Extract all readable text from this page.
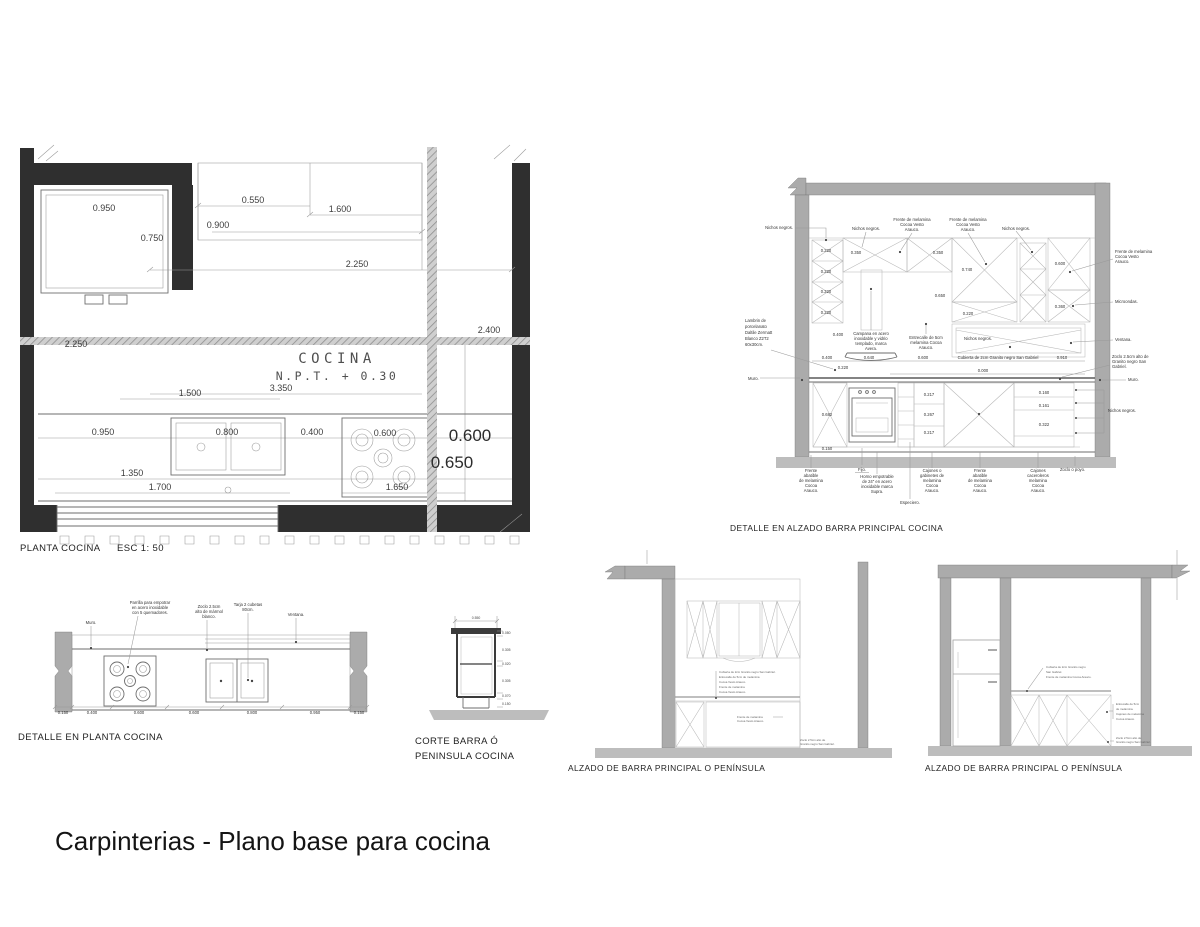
0.950
0.750
0.550
1.600
0.900
2.250
2.400
2.250
1.500	3.350
0.950	0.800	0.400	0.600
1.350
1.700	1.650
0.600
0.650
COCINA
N.P.T. + 0.30
PLANTA COCINA ESC 1: 50
0.220
0.220
0.220
0.220
0.350	0.350
0.740
0.650
0.220
0.600
0.360
0.400
0.400	0.640	0.600	Cubierta de 2cm Granito negro San Gabriel	0.910
0.220
0.000
0.682
0.150
0.217
0.267
0.217
0.160
0.161
0.322
Nichos negros.	Nichos negros.	Nichos negros.
Frente de melamina
Cocoa Vesto
Arauco.
Frente de melamina
Cocoa Vesto
Arauco.
Lambrin de
porcelanato
Daltile Zermatt
Blanco Z2T2
60x30cm.
Muro.
Campana en acero
inoxidable y vidrio
templado, marca
Avera.
Entrecalle de 5cm
melamina Cocoa
Arauco.
Nichos negros.
Frente de melamina
Cocoa Vesto
Arauco.
Microondas.
Ventana.
Zoclo 2.5cm alto de
Granito negro San
Gabriel.
Muro.
Nichos negros.
Frente
abatible
de melamina
Cocoa
Arauco.
Fijo.
Horno empotrable
de 24" en acero
inoxidable marca
Supra.
Cajones o
gabinetes de
melamina
Cocoa
Arauco.
Frente
abatible
de melamina
Cocoa
Arauco.
Cajones
caceroleros
melamina
Cocoa
Arauco.
Zoclo o poyo.
Especiero.
DETALLE EN ALZADO BARRA PRINCIPAL COCINA
0.150	0.400	0.600	0.600	0.800	0.950	0.150
Muro.
Parrilla para empotrar
en acero inoxidable
con 5 quemadores.
Zoclo 2.5cm
alto de mármol
blanco.
Tarja 2 cubetas
80cm.
Ventana.
DETALLE EN PLANTA COCINA
0.550
0.080
0.305
0.020
0.305
0.070
0.150
CORTE BARRA Ó
PENINSULA COCINA
Cubierta de 2cm Granito negro San Gabriel.
Entrecalle de 5cm de melamina
Cocoa Vesto Arauco.
Frente de melamina
Cocoa Vesto Arauco.
Frente de melamina
Cocoa Vesto Arauco.
Zoclo 2.5cm alto de
Granito negro San Gabriel.
ALZADO DE BARRA PRINCIPAL O PENÍNSULA
Cubierta de 2cm Granito negro
San Gabriel.
Frente de melamina Cocoa Arauco.
Entrecalle de 5cm
de melamina.
Cajones de melamina
Cocoa Arauco.
Zoclo 2.5cm alto de
Granito negro San Gabriel.
ALZADO DE BARRA PRINCIPAL O PENÍNSULA
Carpinterias - Plano base para cocina
